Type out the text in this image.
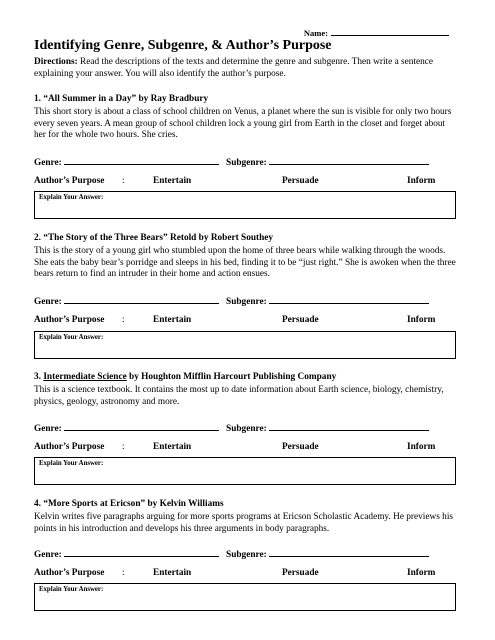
Name:
Identifying Genre, Subgenre, & Author’s Purpose
Directions: Read the descriptions of the texts and determine the genre and subgenre. Then write a sentence explaining your answer. You will also identify the author’s purpose.
1. “All Summer in a Day” by Ray Bradbury
This short story is about a class of school children on Venus, a planet where the sun is visible for only two hours every seven years. A mean group of school children lock a young girl from Earth in the closet and forget about her for the whole two hours. She cries.
Genre:	Subgenre:
Author’s Purpose :	Entertain	Persuade	Inform
Explain Your Answer:
2. “The Story of the Three Bears” Retold by Robert Southey
This is the story of a young girl who stumbled upon the home of three bears while walking through the woods. She eats the baby bear’s porridge and sleeps in his bed, finding it to be “just right.” She is awoken when the three bears return to find an intruder in their home and action ensues.
Genre:	Subgenre:
Author’s Purpose :	Entertain	Persuade	Inform
Explain Your Answer:
3. Intermediate Science by Houghton Mifflin Harcourt Publishing Company
This is a science textbook. It contains the most up to date information about Earth science, biology, chemistry, physics, geology, astronomy and more.
Genre:	Subgenre:
Author’s Purpose :	Entertain	Persuade	Inform
Explain Your Answer:
4. “More Sports at Ericson” by Kelvin Williams
Kelvin writes five paragraphs arguing for more sports programs at Ericson Scholastic Academy. He previews his points in his introduction and develops his three arguments in body paragraphs.
Genre:	Subgenre:
Author’s Purpose :	Entertain	Persuade	Inform
Explain Your Answer:
